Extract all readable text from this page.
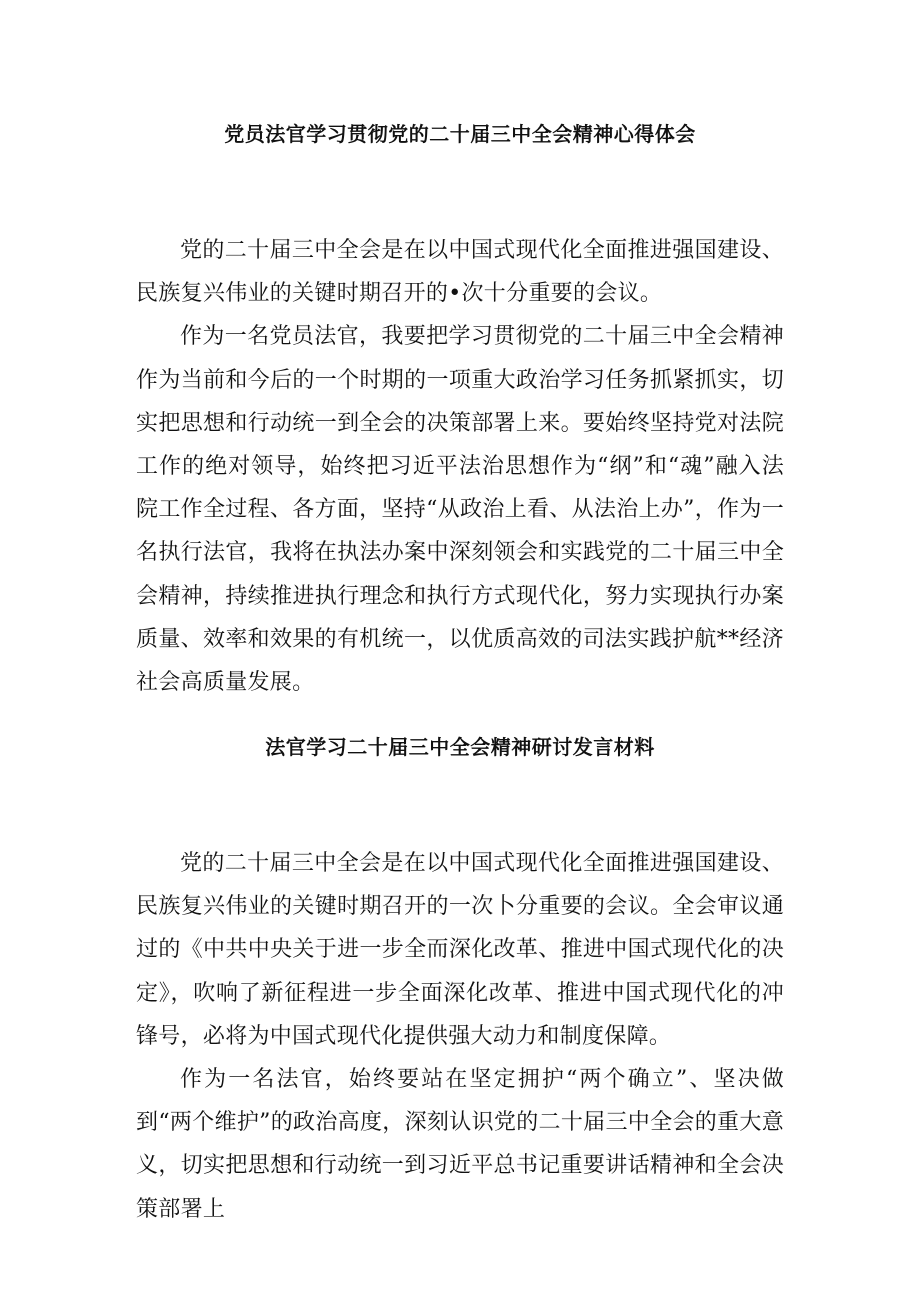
党员法官学习贯彻党的二十届三中全会精神心得体会

党的二十届三中全会是在以中国式现代化全面推进强国建设、民族复兴伟业的关键时期召开的•次十分重要的会议。

作为一名党员法官，我要把学习贯彻党的二十届三中全会精神作为当前和今后的一个时期的一项重大政治学习任务抓紧抓实，切实把思想和行动统一到全会的决策部署上来。要始终坚持党对法院工作的绝对领导，始终把习近平法治思想作为“纲”和“魂”融入法院工作全过程、各方面，坚持“从政治上看、从法治上办”，作为一名执行法官，我将在执法办案中深刻领会和实践党的二十届三中全会精神，持续推进执行理念和执行方式现代化，努力实现执行办案质量、效率和效果的有机统一，以优质高效的司法实践护航**经济社会高质量发展。

法官学习二十届三中全会精神研讨发言材料

党的二十届三中全会是在以中国式现代化全面推进强国建设、民族复兴伟业的关键时期召开的一次卜分重要的会议。全会审议通过的《中共中央关于进一步全而深化改革、推进中国式现代化的决定》，吹响了新征程进一步全面深化改革、推进中国式现代化的冲锋号，必将为中国式现代化提供强大动力和制度保障。

作为一名法官，始终要站在坚定拥护“两个确立”、坚决做到“两个维护”的政治高度，深刻认识党的二十届三中全会的重大意义，切实把思想和行动统一到习近平总书记重要讲话精神和全会决策部署上
